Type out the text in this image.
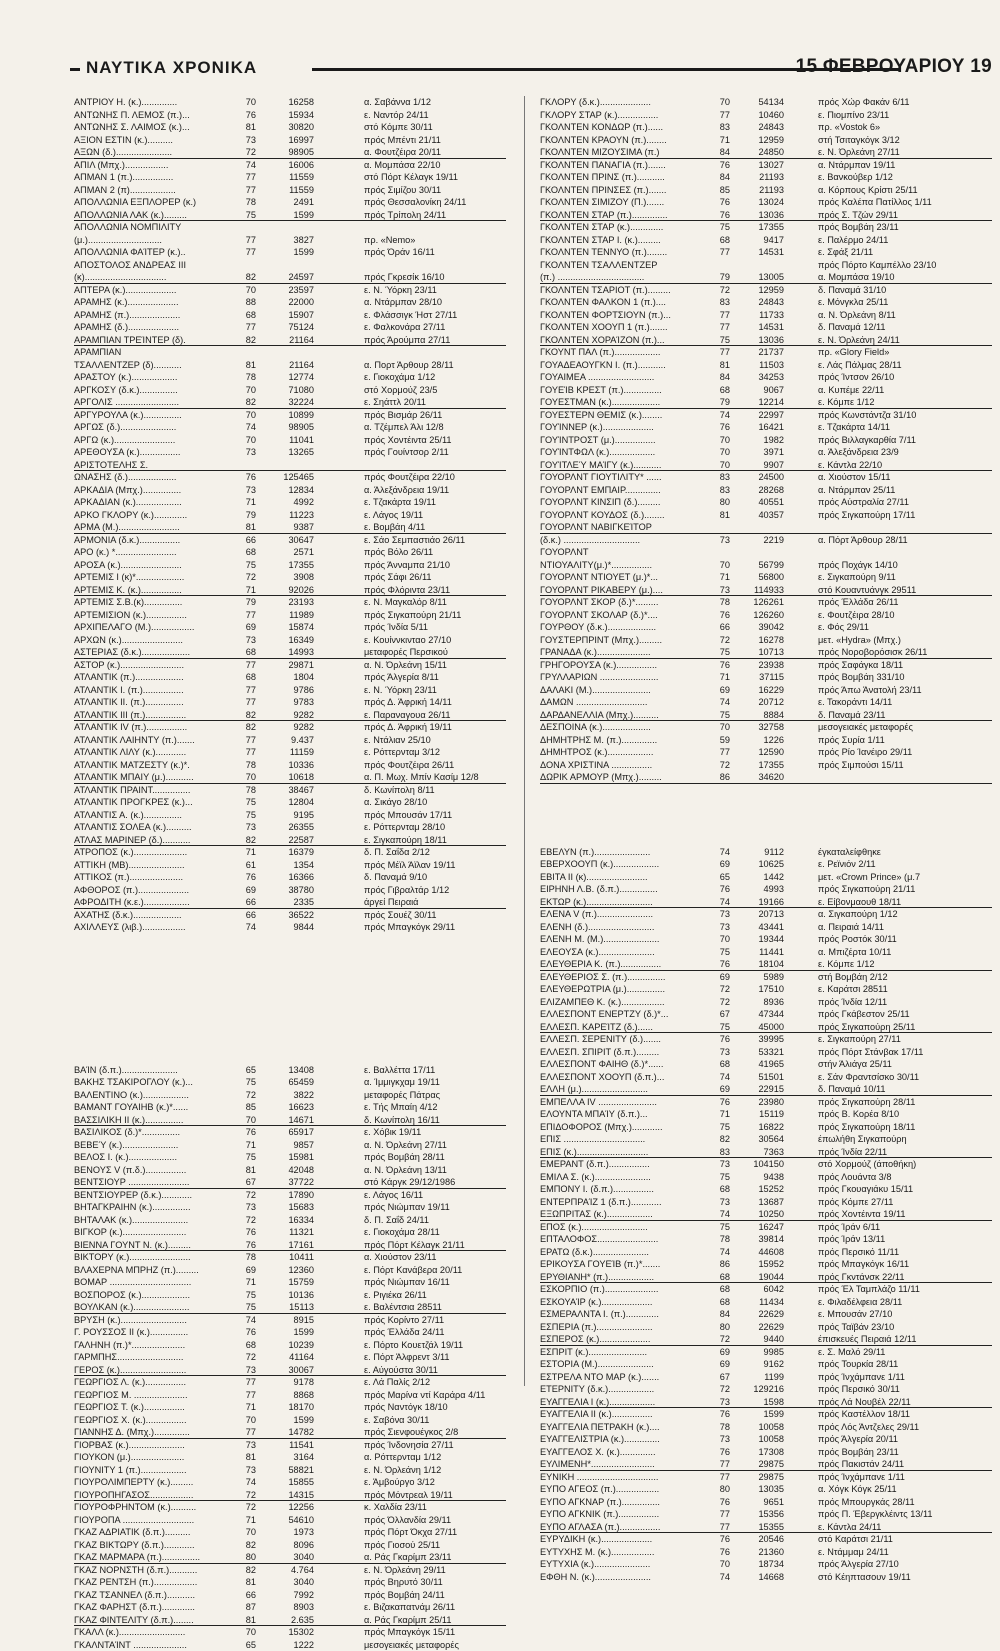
ΝΑΥΤΙΚΑ ΧΡΟΝΙΚΑ	15 ΦΕΒΡΟΥΑΡΙΟΥ 19
ΑΝΤΡΙΟΥ Η. (κ.)..............	70	16258	α. Σαβάννα 1/12
ΑΝΤΩΝΗΣ Π. ΛΕΜΟΣ (π.)...	76	15934	ε. Ναντόρ 24/11
ΑΝΤΩΝΗΣ Σ. ΛΑΙΜΟΣ (κ.)...	81	30820	στό Κόμπε 30/11
ΑΞΙΟΝ ΕΣΤΙΝ (κ.)..........	73	16997	πρός Μπέντι 21/11
ΑΞΩΝ (δ.)......................	72	98905	α. Φουτζέιρα 20/11
ΑΠΙΛ (Μπχ.).................	74	16006	α. Μομπάσα 22/10
ΑΠΜΑΝ 1 (π.)................	77	11559	στό Πόρτ Κέλαγκ 19/11
ΑΠΜΑΝ 2 (π)..................	77	11559	πρός Σιμίζου 30/11
ΑΠΟΛΛΩΝΙΑ ΕΞΠΛΟΡΕΡ (κ.)	78	2491	πρός Θεσσαλονίκη 24/11
ΑΠΟΛΛΩΝΙΑ ΛΑΚ (κ.).........	75	1599	πρός Τρίπολη 24/11
ΑΠΟΛΛΩΝΙΑ ΝΟΜΠΙΛΙΤΥ
(μ.).............................	77	3827	πρ. «Nemo»
ΑΠΟΛΛΩΝΙΑ ΦΑΊΤΕΡ (κ.)..	77	1599	πρός Όράν 16/11
ΑΠΟΣΤΟΛΟΣ ΑΝΔΡΕΑΣ ΙΙΙ
(κ)................................	82	24597	πρός Γκρεσίκ 16/10
ΑΠΤΕΡΑ (κ.)....................	70	23597	ε. Ν. Ύόρκη 23/11
ΑΡΑΜΗΣ (κ.)....................	88	22000	α. Ντάρμπαν 28/10
ΑΡΑΜΗΣ (π.)....................	68	15907	ε. Φλάσσιγκ Ήστ 27/11
ΑΡΑΜΗΣ (δ.)....................	77	75124	ε. Φαλκονάρα 27/11
ΑΡΑΜΠΙΑΝ ΤΡΕΊΝΤΕΡ (δ).	82	21164	πρός Άρούμπα 27/11
ΑΡΑΜΠΙΑΝ
ΤΣΑΛΛΕΝΤΖΕΡ (δ)...........	81	21164	α. Πορτ Άρθουρ 28/11
ΑΡΑΣΤΟΥ (κ.)..................	78	12774	ε. Γιοκοχάμα 1/12
ΑΡΓΚΟΣΥ (δ.κ.)...............	70	71080	στό Χορμούζ 23/5
ΑΡΓΟΛΙΣ .........................	82	32224	ε. Σηάττλ 20/11
ΑΡΓΥΡΟΥΛΑ (κ.)...............	70	10899	πρός Βισμάρ 26/11
ΑΡΓΩΣ (δ.)......................	74	98905	α. Τζέμπελ Άλι 12/8
ΑΡΓΩ (κ.)........................	70	11041	πρός Χοντέιντα 25/11
ΑΡΕΘΟΥΣΑ (κ.)................	73	13265	πρός Γουίντσορ 2/11
ΑΡΙΣΤΟΤΕΛΗΣ Σ.
ΩΝΑΣΗΣ (δ.)...................	76	125465	πρός Φουτζέιρα 22/10
ΑΡΚΑΔΙΑ (Μπχ.)...............	73	12834	α. Άλεξάνδρεια 19/11
ΑΡΚΑΔΙΑΝ (κ.)..................	71	4992	ε. Τζακάρτα 19/11
ΑΡΚΟ ΓΚΛΟΡΥ (κ.).............	79	11223	ε. Λάγος 19/11
ΑΡΜΑ (Μ.)........................	81	9387	ε. Βομβάη 4/11
ΑΡΜΟΝΙΑ (δ.κ.)................	66	30647	ε. Σάο Σεμπαστιάο 26/11
ΑΡΟ (κ.) *........................	68	2571	πρός Βόλο 26/11
ΑΡΟΣΑ (κ.)........................	75	17355	πρός Άνναμπα 21/10
ΑΡΤΕΜΙΣ Ι (κ)*...................	72	3908	πρός Σάφι 26/11
ΑΡΤΕΜΙΣ Κ. (κ.)................	71	92026	πρός Φλόριντα 23/11
ΑΡΤΕΜΙΣ Σ.Β.(κ)...............	79	23193	ε. Ν. Μαγκαλόρ 8/11
ΑΡΤΕΜΙΣΙΟΝ (κ.)................	77	11989	πρός Σιγκαπούρη 21/11
ΑΡΧΙΠΕΛΑΓΟ (Μ.).................	69	15874	πρός Ίνδία 5/11
ΑΡΧΩΝ (κ.)........................	73	16349	ε. Κουίννκινταο 27/10
ΑΣΤΕΡΙΑΣ (δ.κ.)...................	68	14993	μεταφορές Περσικού
ΑΣΤΟΡ (κ.).........................	77	29871	α. Ν. Όρλεάνη 15/11
ΑΤΛΑΝΤΙΚ (π.)...................	68	1804	πρός Άλγερία 8/11
ΑΤΛΑΝΤΙΚ Ι. (π.)................	77	9786	ε. Ν. Ύόρκη 23/11
ΑΤΛΑΝΤΙΚ ΙΙ. (π.)...............	77	9783	πρός Δ. Άφρική 14/11
ΑΤΛΑΝΤΙΚ ΙΙΙ (π.)................	82	9282	ε. Παραναγουα 26/11
ΑΤΛΑΝΤΙΚ ΙV (π.)................	82	9282	πρός Δ. Άφρική 19/11
ΑΤΛΑΝΤΙΚ ΛΑΙΗΝΤΥ (π.).......	77	9.437	ε. Ντάλιαν 25/10
ΑΤΛΑΝΤΙΚ ΛΙΛΥ (κ.)............	77	11159	ε. Ρόττερνταμ 3/12
ΑΤΛΑΝΤΙΚ ΜΑΤΖΕΣΤΥ (κ.)*.	78	10336	πρός Φουτζέιρα 26/11
ΑΤΛΑΝΤΙΚ ΜΠΑΙΥ (μ.)...........	70	10618	α. Π. Μωχ. Μπίν Κασίμ 12/8
ΑΤΛΑΝΤΙΚ ΠΡΑΙΝΤ...............	78	38467	δ. Κωνίπολη 8/11
ΑΤΛΑΝΤΙΚ ΠΡΟΓΚΡΕΣ (κ.)...	75	12804	α. Σικάγο 28/10
ΑΤΛΑΝΤΙΣ Α. (κ.)...............	75	9195	πρός Μπουσάν 17/11
ΑΤΛΑΝΤΙΣ ΣΟΛΕΑ (κ.)..........	73	26355	ε. Ρόττερνταμ 28/10
ΑΤΛΑΣ ΜΑΡΙΝΕΡ (δ.)...........	82	22587	ε. Σιγκαπούρη 18/11
ΑΤΡΟΠΟΣ (κ.).....................	71	16379	δ. Π. Σαΐδα 2/12
ΑΤΤΙΚΗ (ΜΒ)......................	61	1354	πρός Μέϊλ Άϊλαν 19/11
ΑΤΤΙΚΟΣ (π.).....................	76	16366	δ. Παναμά 9/10
ΑΦΘΟΡΟΣ (π.)....................	69	38780	πρός Γιβραλτάρ 1/12
ΑΦΡΟΔΙΤΗ (κ.ε.)..................	66	2335	άργεί Πειραιά
ΑΧΑΤΗΣ (δ.κ.)...................	66	36522	πρός Σουέζ 30/11
ΑΧΙΛΛΕΥΣ (λιβ.).................	74	9844	πρός Μπαγκόγκ 29/11
ΒΑΊΝ (δ.π.)......................	65	13408	ε. Βαλλέττα 17/11
ΒΑΚΗΣ ΤΣΑΚΙΡΟΓΛΟΥ (κ.)...	75	65459	α. Ίμμιγκχαμ 19/11
ΒΑΛΕΝΤΙΝΟ (κ.)..................	72	3822	μεταφορές Πάτρας
ΒΑΜΑΝΤ ΓΟΥΑΙΗΒ (κ.)*......	85	16623	ε. Τής Μπαίη 4/12
ΒΑΣΣΙΛΙΚΗ ΙΙ (κ.)...............	70	14671	δ. Κωνίπολη 16/11
ΒΑΣΙΛΙΚΟΣ (δ.)*...............	76	65917	ε. Χόβικ 19/11
ΒΕΒΕΎ (κ.)......................	71	9857	α. Ν. Όρλεάνη 27/11
ΒΕΛΟΣ Ι. (κ.)...................	75	15981	πρός Βομβάη 28/11
ΒΕΝΟΥΣ V (π.δ.)................	81	42048	α. Ν. Όρλεάνη 13/11
ΒΕΝΤΣΙΟΥΡ ........................	67	37722	στό Κάργκ 29/12/1986
ΒΕΝΤΣΙΟΥΡΕΡ (δ.κ.)............	72	17890	ε. Λάγος 16/11
ΒΗΤΑΓΚΡΑΙΗΝ (κ.)...............	73	15683	πρός Νιώμπαν 19/11
ΒΗΤΑΛΑΚ (κ.)......................	72	16334	δ. Π. Σαΐδ 24/11
ΒΙΓΚΟΡ (κ.).........................	76	11321	ε. Γιοκοχάμα 28/11
ΒΙΕΝΝΑ ΓΟΥΝΤ Ν. (κ.).........	76	17161	πρός Πόρτ Κέλαγκ 21/11
ΒΙΚΤΟΡΥ (κ.)........................	78	10411	α. Χιούστον 23/11
ΒΛΑΧΕΡΝΑ ΜΠΡΗΖ (π.).........	69	12360	ε. Πόρτ Κανάβερα 20/11
ΒΟΜΑΡ ................................	71	15759	πρός Νιώμπαν 16/11
ΒΟΣΠΟΡΟΣ (κ.)...................	75	10136	ε. Ριγιέκα 26/11
ΒΟΥΛΚΑΝ (κ.)......................	75	15113	ε. Βαλέντσια 28511
ΒΡΥΣΗ (κ.)..........................	74	8915	πρός Κορίντο 27/11
Γ. ΡΟΥΣΣΟΣ ΙΙ (κ.)...............	76	1599	πρός Έλλάδα 24/11
ΓΑΛΗΝΗ (π.)*.....................	68	10239	ε. Πόρτο Κουετζάλ 19/11
ΓΑΡΜΠΗΣ..........................	72	41164	ε. Πόρτ Άλφρεντ 3/11
ΓΕΡΟΣ (κ.)..........................	73	30067	ε. Αύγούστα 30/11
ΓΕΩΡΓΙΟΣ Λ. (κ.)................	77	9178	ε. Λά Παλίς 2/12
ΓΕΩΡΓΙΟΣ Μ. .....................	77	8868	πρός Μαρίνα ντί Καράρα 4/11
ΓΕΩΡΓΙΟΣ Τ. (κ.)................	71	18170	πρός Ναντόγκ 18/10
ΓΕΩΡΓΙΟΣ Χ. (κ.)................	70	1599	ε. Σαβόνα 30/11
ΓΙΑΝΝΗΣ Δ. (Μπχ.)..............	77	14782	πρός Σιενφουέγκος 2/8
ΓΙΟΡΒΑΣ (κ.)......................	73	11541	πρός Ίνδονησία 27/11
ΓΙΟΥΚΟΝ (μ.).....................	81	3164	α. Ρόττερνταμ 1/12
ΓΙΟΥΝΙΤΥ 1 (π.)..................	73	58821	ε. Ν. Όρλεάνη 1/12
ΓΙΟΥΡΟΛΙΜΠΕΡΤΥ (κ.).........	74	15855	ε. Άμβούργο 3/12
ΓΙΟΥΡΟΠΗΓΑΣΟΣ.................	72	14315	πρός Μόντρεαλ 19/11
ΓΙΟΥΡΟΦΡΗΝΤΟΜ (κ.)..........	72	12256	κ. Χαλδία 23/11
ΓΙΟΥΡΟΠΑ ............................	71	54610	πρός Όλλανδία 29/11
ΓΚΑΖ ΑΔΡΙΑΤΙΚ (δ.π.)..........	70	1973	πρός Πόρτ Όκχα 27/11
ΓΚΑΖ ΒΙΚΤΩΡΥ (δ.π.)............	82	8096	πρός Γιοσού 25/11
ΓΚΑΖ ΜΑΡΜΑΡΑ (π.)...............	80	3040	α. Ράς Γκαρίμπ 23/11
ΓΚΑΖ ΝΟΡΝΣΤΗ (δ.π.)...........	82	4.764	ε. Ν. Όρλεάνη 29/11
ΓΚΑΖ ΡΕΝΤΣΗ (π.).................	81	3040	πρός Βηρυτό 30/11
ΓΚΑΖ ΤΣΑΝΝΕΛ (δ.π.)...........	66	7992	πρός Βομβάη 24/11
ΓΚΑΖ ΦΑΡΗΣΤ (δ.π.).............	87	8903	ε. Βιζακαπατνάμ 26/11
ΓΚΑΖ ΦΙΝΤΕΛΙΤΥ (δ.π.)........	81	2.635	α. Ράς Γκαρίμπ 25/11
ΓΚΑΛΛ (κ.)..........................	70	15302	πρός Μπαγκόγκ 15/11
ΓΚΑΛΝΤΑΊΝΤ .....................	65	1222	μεσογειακές μεταφορές
ΓΚΛΟΡΥ (δ.κ.)....................	70	54134	πρός Χώρ Φακάν 6/11
ΓΚΛΟΡΥ ΣΤΑΡ (κ.)................	77	10460	ε. Πιομπίνο 23/11
ΓΚΟΛΝΤΕΝ ΚΟΝΔΩΡ (π.)......	83	24843	πρ. «Vostok 6»
ΓΚΟΛΝΤΕΝ ΚΡΑΟΥΝ (π.)........	71	12959	στή Τσιταγκόγκ 3/12
ΓΚΟΛΝΤΕΝ ΜΙΖΟΥΣΙΜΑ (π.)	84	24850	ε. Ν. Όρλεάνη 27/11
ΓΚΟΛΝΤΕΝ ΠΑΝΑΓΙΑ (π.).......	76	13027	α. Ντάρμπαν 19/11
ΓΚΟΛΝΤΕΝ ΠΡΙΝΣ (π.)...........	84	21193	ε. Βανκούβερ 1/12
ΓΚΟΛΝΤΕΝ ΠΡΙΝΣΕΣ (π.).......	85	21193	α. Κόρπους Κρίστι 25/11
ΓΚΟΛΝΤΕΝ ΣΙΜΙΖΟΥ (Π.).......	76	13024	πρός Καλέπα Πατίλλος 1/11
ΓΚΟΛΝΤΕΝ ΣΤΑΡ (π.)..............	76	13036	πρός Σ. Τζών 29/11
ΓΚΟΛΝΤΕΝ ΣΤΑΡ (κ.).............	75	17355	πρός Βομβάη 23/11
ΓΚΟΛΝΤΕΝ ΣΤΑΡ Ι. (κ.).........	68	9417	ε. Παλέρμο 24/11
ΓΚΟΛΝΤΕΝ ΤΕΝΝΥΟ (π.)........	77	14531	ε. Σφάξ 21/11
ΓΚΟΛΝΤΕΝ ΤΣΑΛΛΕΝΤΖΕΡ	πρός Πόρτο Καμπέλλο 23/10
(π.) ..................................	79	13005	α. Μομπάσα 19/10
ΓΚΟΛΝΤΕΝ ΤΣΑΡΙΟΤ (π.).........	72	12959	δ. Παναμά 31/10
ΓΚΟΛΝΤΕΝ ΦΑΛΚΟΝ 1 (π.)....	83	24843	ε. Μόνγκλα 25/11
ΓΚΟΛΝΤΕΝ ΦΟΡΤΣΙΟΥΝ (π.)...	77	11733	α. Ν. Όρλεάνη 8/11
ΓΚΟΛΝΤΕΝ ΧΟΟΥΠ 1 (π.).......	77	14531	δ. Παναμά 12/11
ΓΚΟΛΝΤΕΝ ΧΟΡΑΊΖΟΝ (π.)...	75	13036	ε. Ν. Όρλεάνη 24/11
ΓΚΟΥΝΤ ΠΑΛ (π.)..................	77	21737	πρ. «Glory Field»
ΓΟΥΑΔΕΑΟΥΓΚΝ Ι. (π.)...........	81	11503	ε. Λάς Πάλμας 28/11
ΓΟΥΑΙΜΕΑ ..........................	84	34253	πρός Ίντσον 26/10
ΓΟΥΕΊΒ ΚΡΕΣΤ (π.)...............	68	9067	α. Κυπέμε 22/11
ΓΟΥΕΣΤΜΑΝ (κ.)...................	79	12214	ε. Κόμπε 1/12
ΓΟΥΕΣΤΕΡΝ ΘΕΜΙΣ (κ.)........	74	22997	πρός Κωνστάντζα 31/10
ΓΟΥΊΝΝΕΡ (κ.)....................	76	16421	ε. Τζακάρτα 14/11
ΓΟΥΊΝΤΡΟΣΤ (μ.)................	70	1982	πρός Βιλλαγκαρθία 7/11
ΓΟΥΊΝΤΦΩΛ (κ.)..................	70	3971	α. Άλεξάνδρεια 23/9
ΓΟΥΊΤΛΕΎ ΜΑΊΓΥ (κ.)...........	70	9907	ε. Κάντλα 22/10
ΓΟΥΟΡΛΝΤ ΓΙΟΥΤΙΛΙΤΥ* ......	83	24500	α. Χιούστον 15/11
ΓΟΥΟΡΛΝΤ ΕΜΠΑΙΡ..............	83	28268	α. Ντάρμπαν 25/11
ΓΟΥΟΡΛΝΤ ΚΙΝΣΙΠ (δ.).........	80	40551	πρός Αύστραλία 27/11
ΓΟΥΟΡΛΝΤ ΚΟΥΔΟΣ (δ.)........	81	40357	πρός Σιγκαπούρη 17/11
ΓΟΥΟΡΛΝΤ ΝΑΒΙΓΚΕΊΤΟΡ
(δ.κ.) ..............................	73	2219	α. Πόρτ Άρθουρ 28/11
ΓΟΥΟΡΛΝΤ
ΝΤΙΟΥΑΛΙΤΥ(μ.)*................	70	56799	πρός Ποχάγκ 14/10
ΓΟΥΟΡΛΝΤ ΝΤΙΟΥΕΤ (μ.)*...	71	56800	ε. Σιγκαπούρη 9/11
ΓΟΥΟΡΛΝΤ ΡΙΚΑΒΕΡΥ (μ.)....	73	114933	στό Κουαντυάνγκ 29511
ΓΟΥΟΡΛΝΤ ΣΚΟΡ (δ.)*.........	78	126261	πρός Έλλάδα 26/11
ΓΟΥΟΡΛΝΤ ΣΚΟΛΑΡ (δ.)*....	76	126260	ε. Φουτζέιρα 28/10
ΓΟΥΡΘΟΥ (δ.κ.)...................	66	39042	ε. Φός 29/11
ΓΟΥΣΤΕΡΠΡΙΝΤ (Μπχ.).........	72	16278	μετ. «Hydra» (Μπχ.)
ΓΡΑΝΑΔΑ (κ.).....................	75	10713	πρός Νοροβορόσισκ 26/11
ΓΡΗΓΟΡΟΥΣΑ (κ.)................	76	23938	πρός Σαφάγκα 18/11
ΓΡΥΛΛΑΡΙΩΝ .......................	71	37115	πρός Βομβάη 331/10
ΔΑΛΑΚΙ (Μ.).......................	69	16229	πρός Άπω Άνατολή 23/11
ΔΑΜΩΝ ............................	74	20712	ε. Τακοράντι 14/11
ΔΑΡΔΑΝΕΛΛΙΑ (Μπχ.)..........	75	8884	δ. Παναμά 23/11
ΔΕΣΠΟΙΝΑ (κ.)...................	70	32758	μεσογειακές μεταφορές
ΔΗΜΗΤΡΗΣ Μ. (π.)..............	59	1226	πρός Συρία 1/11
ΔΗΜΗΤΡΟΣ (κ.)..................	77	12590	πρός Ρίο Ίανέιρο 29/11
ΔΟΝΑ ΧΡΙΣΤΙΝΑ ................	72	17355	πρός Σιμπούσι 15/11
ΔΩΡΙΚ ΑΡΜΟΥΡ (Μπχ.).........	86	34620
ΕΒΕΛΥΝ (π.)......................	74	9112	έγκαταλείφθηκε
ΕΒΕΡΧΟΟΥΠ (κ.)..................	69	10625	ε. Ρεϊνιόν 2/11
ΕΒΙΤΑ ΙΙ (κ)........................	65	1442	μετ. «Crown Prince» (μ.7
ΕΙΡΗΝΗ Λ.Β. (δ.π.)...............	76	4993	πρός Σιγκαπούρη 21/11
ΕΚΤΩΡ (κ.)..........................	74	19166	ε. Είβονμαουθ 18/11
ΕΛΕΝΑ V (π.)......................	73	20713	α. Σιγκαπούρη 1/12
ΕΛΕΝΗ (δ.)..........................	73	43441	α. Πειραιά 14/11
ΕΛΕΝΗ Μ. (Μ.)......................	70	19344	πρός Ροστόκ 30/11
ΕΛΕΟΥΣΑ (κ.)......................	75	11441	α. Μπιζέρτα 10/11
ΕΛΕΥΘΕΡΙΑ Κ. (π.)................	76	18104	ε. Κόμπε 1/12
ΕΛΕΥΘΕΡΙΟΣ Σ. (π.)...............	69	5989	στή Βομβάη 2/12
ΕΛΕΥΘΕΡΩΤΡΙΑ (μ.)...............	72	17510	ε. Καράτσι 28511
ΕΛΙΖΑΜΠΕΘ Κ. (κ.).................	72	8936	πρός Ίνδία 12/11
ΕΛΛΕΣΠΟΝΤ ΕΝΕΡΤΖΥ (δ.)*...	67	47344	πρός Γκάβεστον 25/11
ΕΛΛΕΣΠ. ΚΑΡΕΊΤΖ (δ.)......	75	45000	πρός Σιγκαπούρη 25/11
ΕΛΛΕΣΠ. ΣΕΡΕΝΙΤΥ (δ.).......	76	39995	ε. Σιγκαπούρη 27/11
ΕΛΛΕΣΠ. ΣΠΙΡΙΤ (δ.π.).........	73	53321	πρός Πόρτ Στάνβακ 17/11
ΕΛΛΕΣΠΟΝΤ ΦΑΙΗΘ (δ.)*......	68	41965	στήν Άλιάγα 25/11
ΕΛΛΕΣΠΟΝΤ ΧΟΟΥΠ (δ.π.)...	74	51501	ε. Σάν Φραντσίσκο 30/11
ΕΛΛΗ (μ.)..........................	69	22915	δ. Παναμά 10/11
ΕΜΠΕΛΛΑ IV .......................	76	23980	πρός Σιγκαπούρη 28/11
ΕΛΟΥΝΤΑ ΜΠΑΊΥ (δ.π.)...	71	15119	πρός Β. Κορέα 8/10
ΕΠΙΔΟΦΟΡΟΣ (Μπχ.)............	75	16822	πρός Σιγκαπούρη 18/11
ΕΠΙΣ ................................	82	30564	έπωλήθη Σιγκαπούρη
ΕΠΙΣ (κ.)............................	83	7363	πρός Ίνδία 22/11
ΕΜΕΡΑΝΤ (δ.π.)................	73	104150	στό Χορμούζ (άποθήκη)
ΕΜΙΛΑ Σ. (κ.)......................	75	9438	πρός Λουάντα 3/8
ΕΜΠΟΝΥ Ι. (δ.π.)................	68	15252	πρός Γκουαγιάκυ 15/11
ΕΝΤΕΡΠΡΑΊΖ 1 (δ.π.)............	73	13687	πρός Κόμπε 27/11
ΕΞΩΠΡΙΤΑΣ (κ.)..................	74	10250	πρός Χοντέιντα 19/11
ΕΠΟΣ (κ.)..........................	75	16247	πρός Ίράν 6/11
ΕΠΤΑΛΟΦΟΣ........................	78	39814	πρός Ίράν 13/11
ΕΡΑΤΩ (δ.κ.)......................	74	44608	πρός Περσικό 11/11
ΕΡΙΚΟΥΣΑ ΓΟΥΕΊΒ (π.)*.......	86	15952	πρός Μπαγκόγκ 16/11
ΕΡΥΘΙΑΝΗ* (π.)..................	68	19044	πρός Γκντάνσκ 22/11
ΕΣΚΟΡΠΙΟ (π.).....................	68	6042	πρός Έλ Ταμπλάζο 11/11
ΕΣΚΟΥΑΊΡ (κ.)....................	68	11434	ε. Φιλαδέλφεια 28/11
ΕΣΜΕΡΑΛΝΤΑ Ι. (π.).............	84	22629	ε. Μπουσάν 27/10
ΕΣΠΕΡΙΑ (π.)......................	80	22629	πρός Ταϊβάν 23/10
ΕΣΠΕΡΟΣ (κ.)....................	72	9440	έπισκευές Πειραιά 12/11
ΕΣΠΡΙΤ (κ.).......................	69	9985	ε. Σ. Μαλό 29/11
ΕΣΤΟΡΙΑ (Μ.)......................	69	9162	πρός Τουρκία 28/11
ΕΣΤΡΕΛΑ ΝΤΟ ΜΑΡ (κ.).......	67	1199	πρός Ίνχάμπανε 1/11
ΕΤΕΡΝΙΤΥ (δ.κ.)..................	72	129216	πρός Περσικό 30/11
ΕΥΑΓΓΕΛΙΑ Ι (κ.)..................	73	1598	πρός Λά Νουβέλ 22/11
ΕΥΑΓΓΕΛΙΑ ΙΙ (κ.)................	76	1599	πρός Καστέλλον 18/11
ΕΥΑΓΓΕΛΙΑ ΠΕΤΡΑΚΗ (κ.)....	78	10058	πρός Λός Άντζελες 29/11
ΕΥΑΓΓΕΛΙΣΤΡΙΑ (κ.)..............	73	10058	πρός Άλγερία 20/11
ΕΥΑΓΓΕΛΟΣ Χ. (κ.)..............	76	17308	πρός Βομβάη 23/11
ΕΥΛΙΜΕΝΗ*.........................	77	29875	πρός Πακιστάν 24/11
ΕΥΝΙΚΗ ................................	77	29875	πρός Ίνχάμπανε 1/11
ΕΥΠΟ ΑΓΕΟΣ (π.).................	80	13035	α. Χόγκ Κόγκ 25/11
ΕΥΠΟ ΑΓΚΝΑΡ (π.)...............	76	9651	πρός Μπουργκάς 28/11
ΕΥΠΟ ΑΓΚΝΙΚ (π.)................	77	15356	πρός Π. Έβεργκλέιντς 13/11
ΕΥΠΟ ΑΓΛΑΣΑ (π.)................	77	15355	ε. Κάντλα 24/11
ΕΥΡΥΔΙΚΗ (κ.)....................	76	20546	στό Καράτσι 21/11
ΕΥΤΥΧΗΣ Μ. (κ.).................	76	21360	ε. Ντάμμαμ 24/11
ΕΥΤΥΧΙΑ (κ.)......................	70	18734	πρός Άλγερία 27/10
ΕΦΘΗ Ν. (κ.)......................	74	14668	στό Κέηπτασουν 19/11
